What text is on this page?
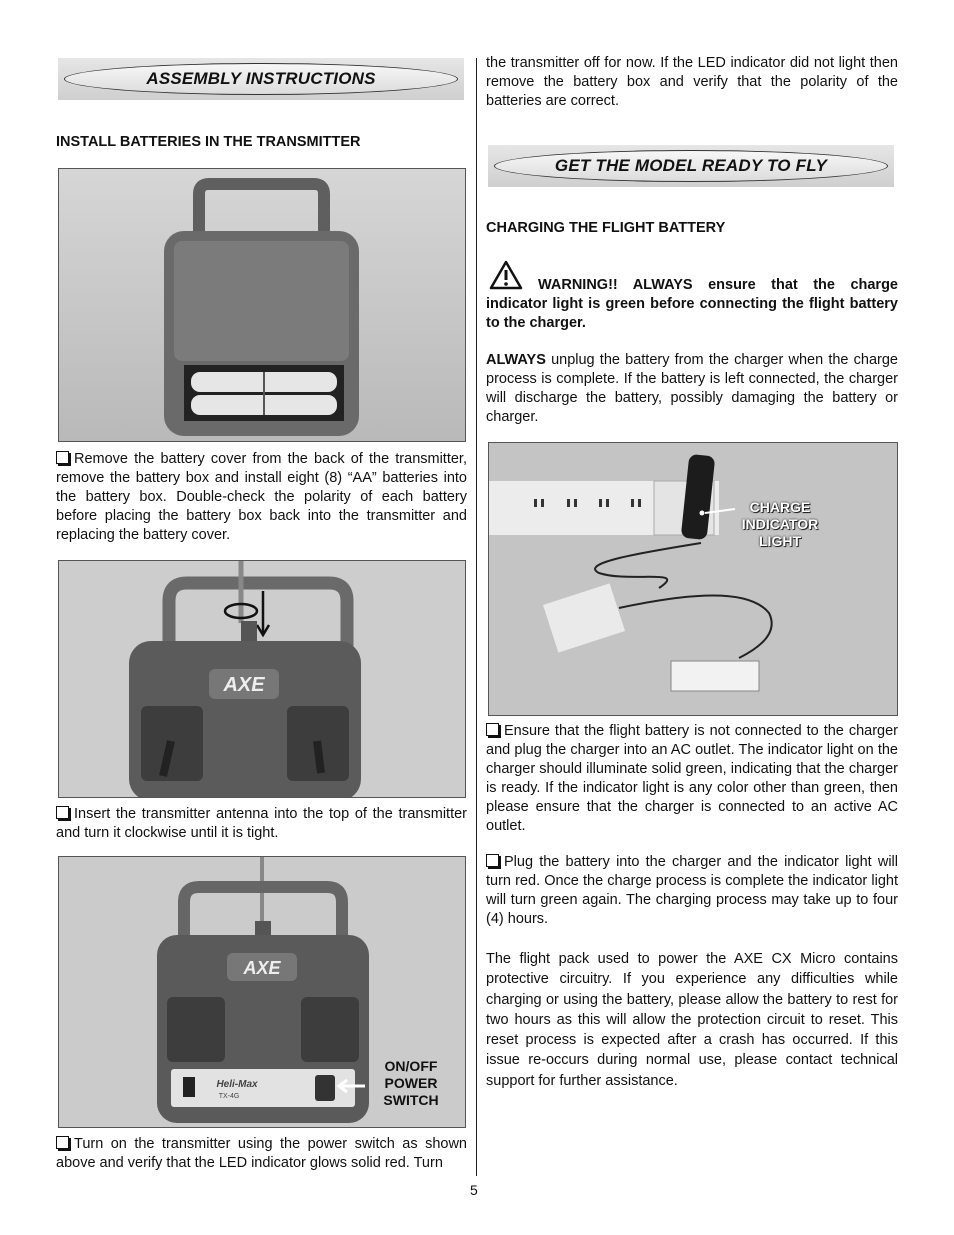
ASSEMBLY INSTRUCTIONS
INSTALL BATTERIES IN THE TRANSMITTER
Remove the battery cover from the back of the transmitter, remove the battery box and install eight (8) “AA” batteries into the battery box. Double-check the polarity of each battery before placing the battery box back into the transmitter and replacing the battery cover.
AXE
Insert the transmitter antenna into the top of the transmitter and turn it clockwise until it is tight.
AXE
Heli-Max
TX-4G
ON/OFF
POWER
SWITCH
Turn on the transmitter using the power switch as shown above and verify that the LED indicator glows solid red. Turn
the transmitter off for now. If the LED indicator did not light then remove the battery box and verify that the polarity of the batteries are correct.
GET THE MODEL READY TO FLY
CHARGING THE FLIGHT BATTERY
WARNING!! ALWAYS ensure that the charge indicator light is green before connecting the flight battery to the charger.
ALWAYS unplug the battery from the charger when the charge process is complete. If the battery is left connected, the charger will discharge the battery, possibly damaging the battery or charger.
CHARGE
INDICATOR
LIGHT
Ensure that the flight battery is not connected to the charger and plug the charger into an AC outlet. The indicator light on the charger should illuminate solid green, indicating that the charger is ready. If the indicator light is any color other than green, then please ensure that the charger is connected to an active AC outlet.
Plug the battery into the charger and the indicator light will turn red. Once the charge process is complete the indicator light will turn green again. The charging process may take up to four (4) hours.
The flight pack used to power the AXE CX Micro contains protective circuitry. If you experience any difficulties while charging or using the battery, please allow the battery to rest for two hours as this will allow the protection circuit to reset. This reset process is expected after a crash has occurred. If this issue re-occurs during normal use, please contact technical support for further assistance.
5
